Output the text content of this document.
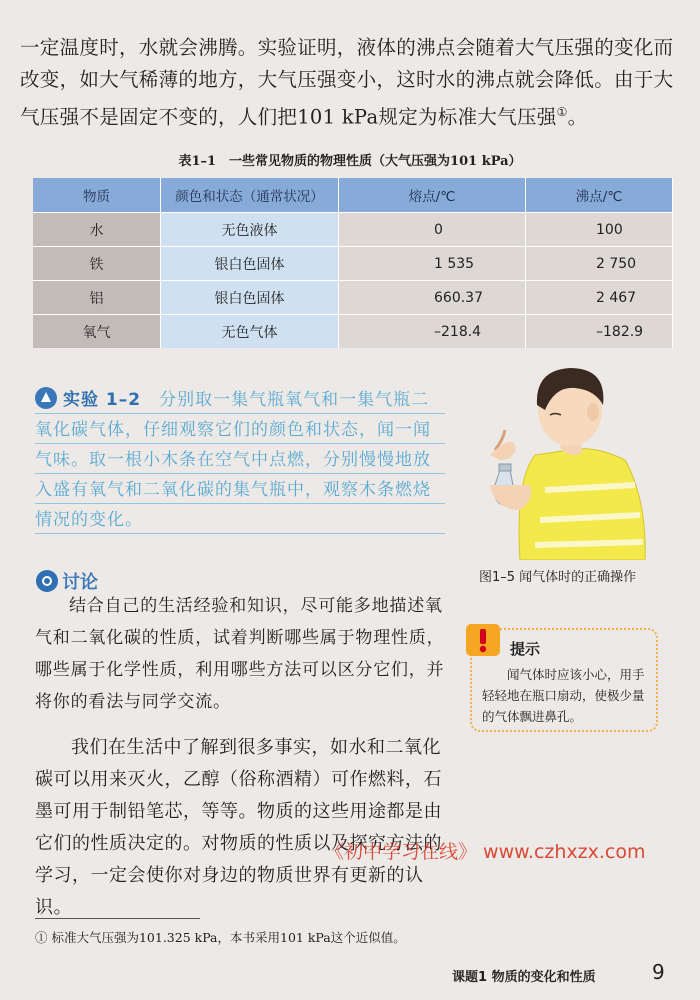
一定温度时，水就会沸腾。实验证明，液体的沸点会随着大气压强的变化而改变，如大气稀薄的地方，大气压强变小，这时水的沸点就会降低。由于大气压强不是固定不变的，人们把101 kPa规定为标准大气压强①。

表1–1　一些常见物质的物理性质（大气压强为101 kPa）
物质	颜色和状态（通常状况）	熔点/℃	沸点/℃
水	无色液体	0	100
铁	银白色固体	1 535	2 750
铝	银白色固体	660.37	2 467
氧气	无色气体	–218.4	–182.9

实验 1–2　 分别取一集气瓶氧气和一集气瓶二氧化碳气体，仔细观察它们的颜色和状态，闻一闻气味。取一根小木条在空气中点燃，分别慢慢地放入盛有氧气和二氧化碳的集气瓶中，观察木条燃烧情况的变化。

讨论

结合自己的生活经验和知识，尽可能多地描述氧气和二氧化碳的性质，试着判断哪些属于物理性质，哪些属于化学性质，利用哪些方法可以区分它们，并将你的看法与同学交流。

图1–5 闻气体时的正确操作
提示

闻气体时应该小心，用手轻轻地在瓶口扇动，使极少量的气体飘进鼻孔。

我们在生活中了解到很多事实，如水和二氧化碳可以用来灭火，乙醇（俗称酒精）可作燃料，石墨可用于制铅笔芯，等等。物质的这些用途都是由它们的性质决定的。对物质的性质以及探究方法的学习，一定会使你对身边的物质世界有更新的认识。

《初中学习在线》 www.czhxzx.com

① 标准大气压强为101.325 kPa，本书采用101 kPa这个近似值。

课题1 物质的变化和性质	9
